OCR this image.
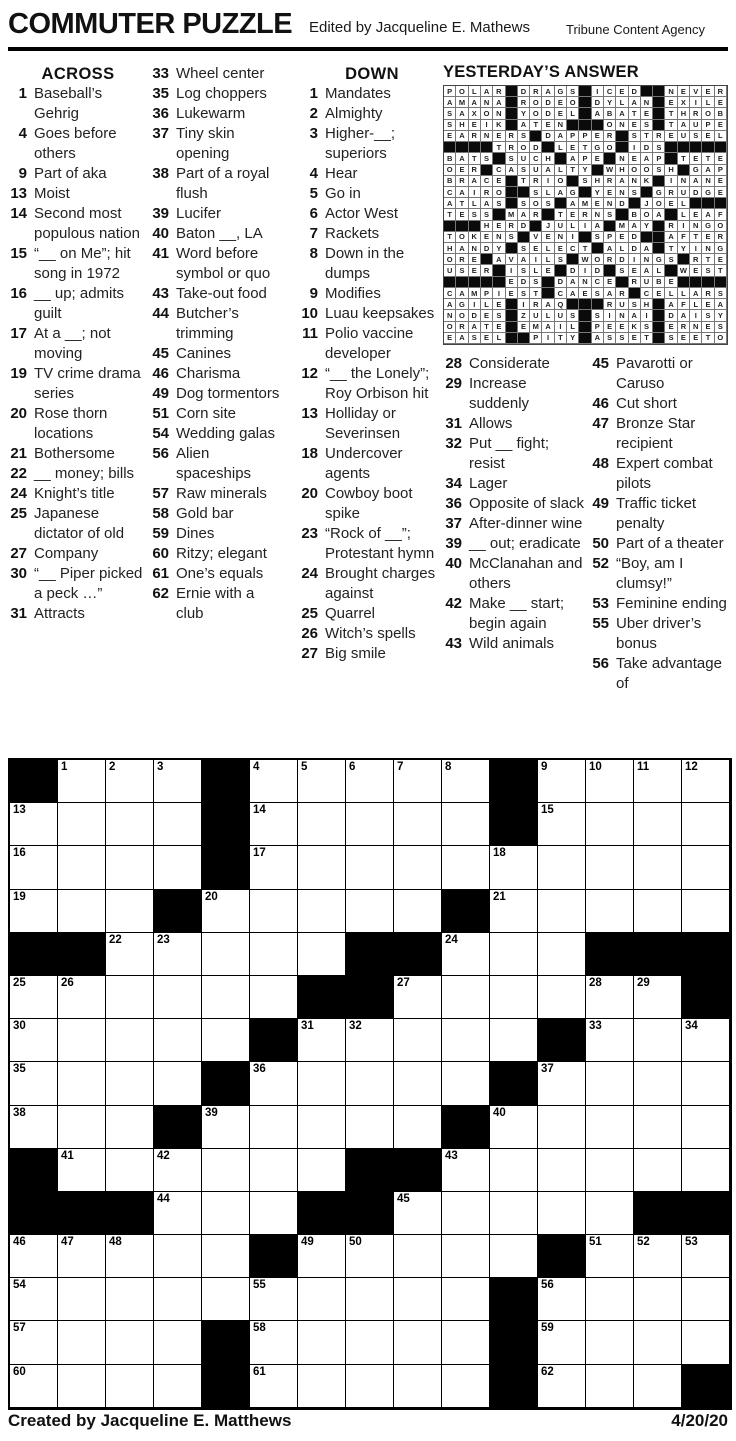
COMMUTER PUZZLE Edited by Jacqueline E. Mathews	Tribune Content Agency
ACROSS
1 Baseball’s Gehrig
4 Goes before others
9 Part of aka
13 Moist
14 Second most populous nation
15 “__ on Me”; hit song in 1972
16 __ up; admits guilt
17 At a __; not moving
19 TV crime drama series
20 Rose thorn locations
21 Bothersome
22 __ money; bills
24 Knight’s title
25 Japanese dictator of old
27 Company
30 “__ Piper picked a peck …”
31 Attracts
33 Wheel center
35 Log choppers
36 Lukewarm
37 Tiny skin opening
38 Part of a royal flush
39 Lucifer
40 Baton __, LA
41 Word before symbol or quo
43 Take-out food
44 Butcher’s trimming
45 Canines
46 Charisma
49 Dog tormentors
51 Corn site
54 Wedding galas
56 Alien spaceships
57 Raw minerals
58 Gold bar
59 Dines
60 Ritzy; elegant
61 One’s equals
62 Ernie with a club
DOWN
1 Mandates
2 Almighty
3 Higher-__; superiors
4 Hear
5 Go in
6 Actor West
7 Rackets
8 Down in the dumps
9 Modifies
10 Luau keepsakes
11 Polio vaccine developer
12 “__ the Lonely”; Roy Orbison hit
13 Holliday or Severinsen
18 Undercover agents
20 Cowboy boot spike
23 “Rock of __”; Protestant hymn
24 Brought charges against
25 Quarrel
26 Witch’s spells
27 Big smile
YESTERDAY’S ANSWER
P O L A R	D R A G S	I	C E D	N E V E R
A M A N A	R O D E O	D Y	L A N	E X	I	L	E
S A X O N	Y O D E	L	A B A T	E	T H R O B
S H E	I	K	A T	E N	O N E S	T A U P E
E A R N E R S	D A P P E R	S	T R E U S E	L
T R O D	L	E	T G O	I	D S
B A T	S	S U C H	A P E	N E A P	T	E	T	E
O E R	C A S U A L	T	Y	W H O O S H	G A P
B R A C E	T R	I	O	S H R A N K	I	N A N E
C A	I	R O	S	L A G	Y E N S	G R U D G E
A T	L A S	S O S	A M E N D	J O E	L
T	E S S	M A R	T	E R N S	B O A	L	E A F
H E R D	J	U L	I	A	M A Y	R	I	N G O
T O K E N S	V E N	I	S P E D	A F	T	E R
H A N D Y	S E	L	E C T	A L D A	T	Y	I	N G
O R E	A V A	I	L	S	W O R D	I	N G S	R T	E
U S E R	I	S	L	E	D	I	D	S E A L	W E S	T
E D S	D A N C E	R U B E
C A M P	I	E S	T	C A E S A R	C E	L	L A R S
A G	I	L	E	I	R A Q	R U S H	A F	L	E A
N O D E S	Z U L U S	S	I	N A	I	D A	I	S Y
O R A T	E	E M A	I	L	P E E K S	E R N E S
E A S E	L	P	I	T	Y	A S S E	T	S E E	T O
28 Considerate
29 Increase suddenly
31 Allows
32 Put __ fight; resist
34 Lager
36 Opposite of slack
37 After-dinner wine
39 __ out; eradicate
40 McClanahan and others
42 Make __ start; begin again
43 Wild animals
45 Pavarotti or Caruso
46 Cut short
47 Bronze Star recipient
48 Expert combat pilots
49 Traffic ticket penalty
50 Part of a theater
52 “Boy, am I clumsy!”
53 Feminine ending
55 Uber driver’s bonus
56 Take advantage of
1	2	3	4	5	6	7	8	9	10	11	12
13	14	15
16	17	18
19	20	21
22	23	24
25	26	27	28	29
30	31	32	33	34
35	36	37
38	39	40
41	42	43
44	45
46	47	48	49	50	51	52	53
54	55	56
57	58	59
60	61	62
Created by Jacqueline E. Matthews	4/20/20
